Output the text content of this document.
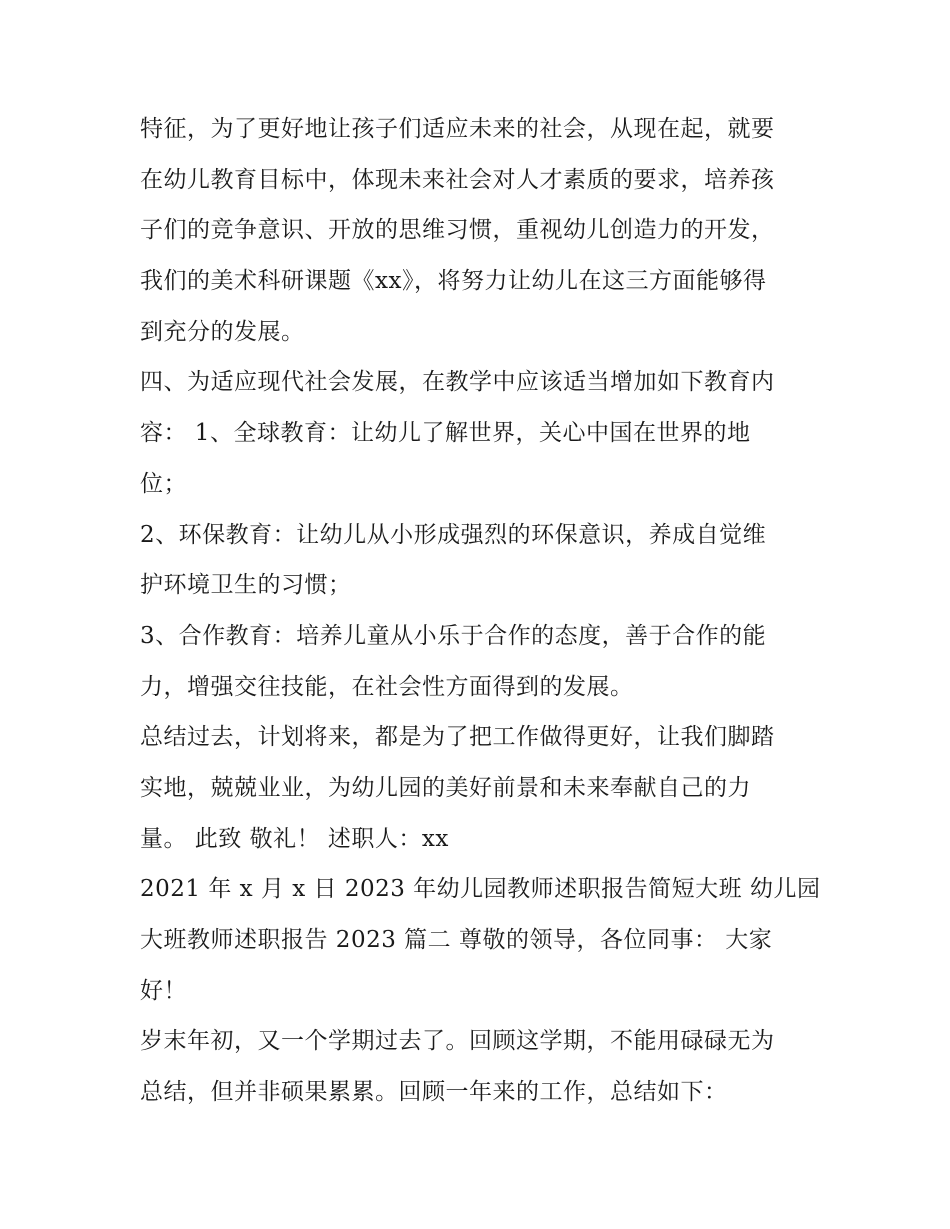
特征，为了更好地让孩子们适应未来的社会，从现在起，就要
在幼儿教育目标中，体现未来社会对人才素质的要求，培养孩
子们的竞争意识、开放的思维习惯，重视幼儿创造力的开发，
我们的美术科研课题《xx》，将努力让幼儿在这三方面能够得
到充分的发展。
四、为适应现代社会发展，在教学中应该适当增加如下教育内
容： 1、全球教育：让幼儿了解世界，关心中国在世界的地
位；
2、环保教育：让幼儿从小形成强烈的环保意识，养成自觉维
护环境卫生的习惯；
3、合作教育：培养儿童从小乐于合作的态度，善于合作的能
力，增强交往技能，在社会性方面得到的发展。
总结过去，计划将来，都是为了把工作做得更好，让我们脚踏
实地，兢兢业业，为幼儿园的美好前景和未来奉献自己的力
量。 此致 敬礼！ 述职人：xx
2021 年 x 月 x 日 2023 年幼儿园教师述职报告简短大班 幼儿园
大班教师述职报告 2023 篇二 尊敬的领导，各位同事： 大家
好！
岁末年初，又一个学期过去了。回顾这学期，不能用碌碌无为
总结，但并非硕果累累。回顾一年来的工作，总结如下：
